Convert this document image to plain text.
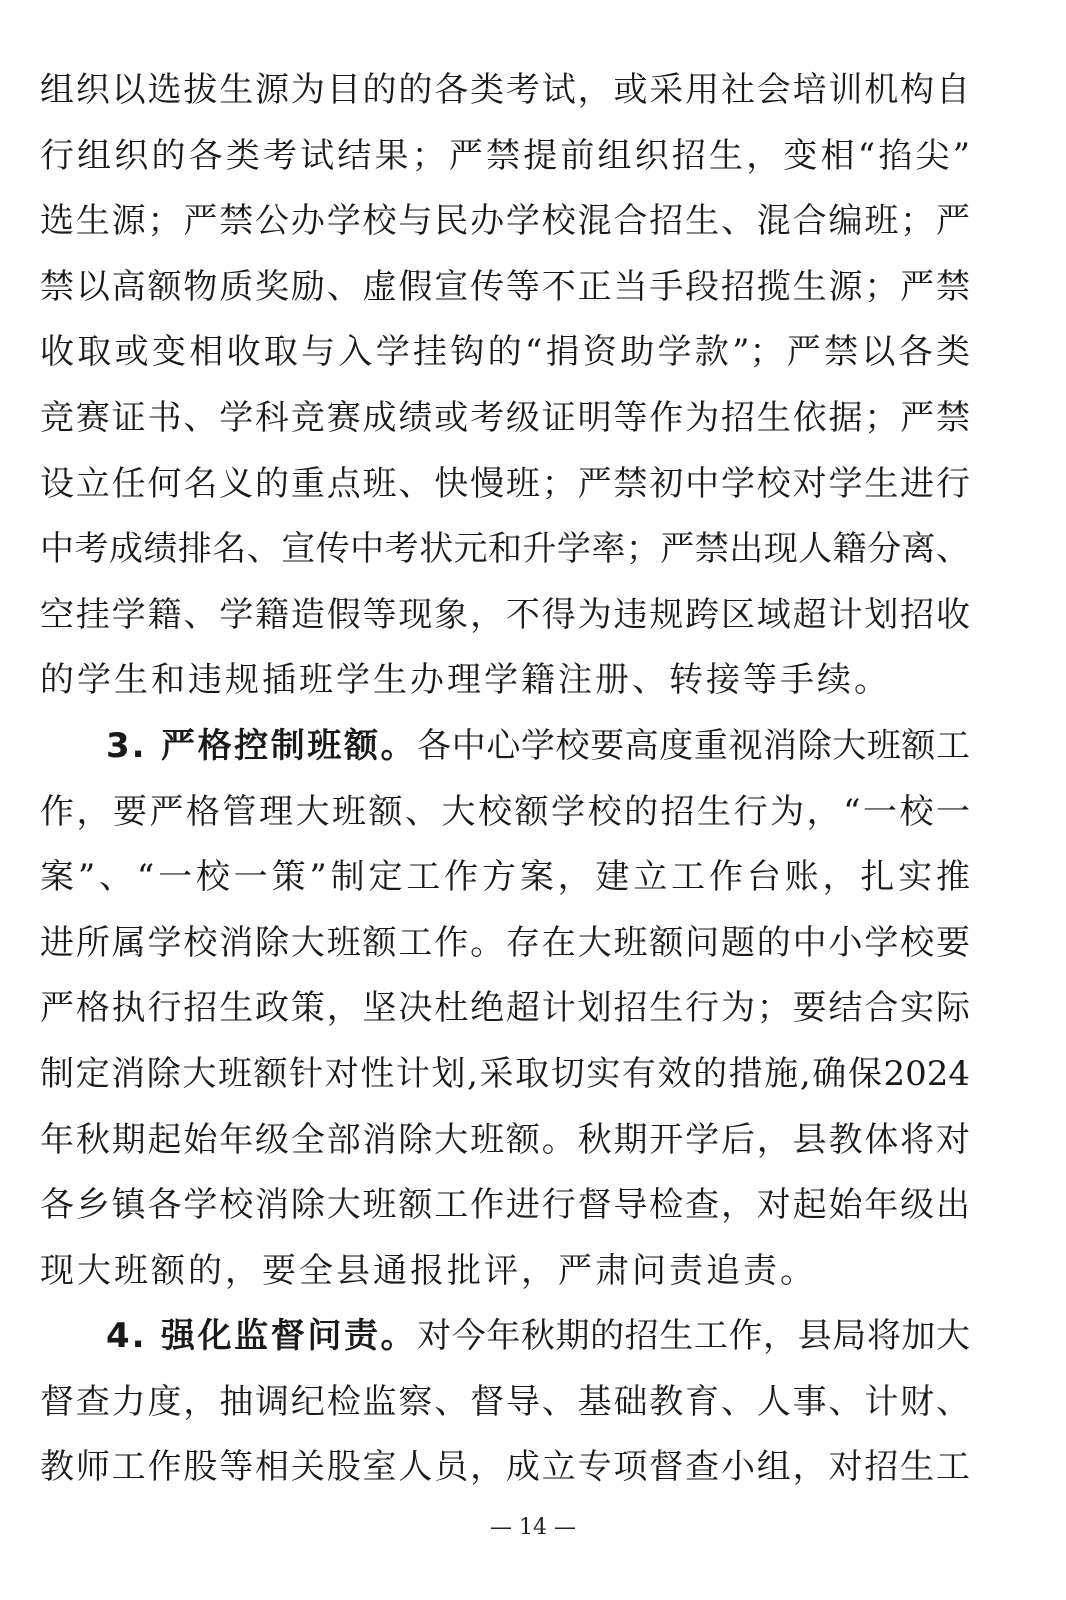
组织以选拔生源为目的的各类考试，或采用社会培训机构自
行组织的各类考试结果；严禁提前组织招生，变相“掐尖”
选生源；严禁公办学校与民办学校混合招生、混合编班；严
禁以高额物质奖励、虚假宣传等不正当手段招揽生源；严禁
收取或变相收取与入学挂钩的“捐资助学款”；严禁以各类
竞赛证书、学科竞赛成绩或考级证明等作为招生依据；严禁
设立任何名义的重点班、快慢班；严禁初中学校对学生进行
中考成绩排名、宣传中考状元和升学率；严禁出现人籍分离、
空挂学籍、学籍造假等现象，不得为违规跨区域超计划招收
的学生和违规插班学生办理学籍注册、转接等手续。
3. 严格控制班额。各中心学校要高度重视消除大班额工
作，要严格管理大班额、大校额学校的招生行为，“一校一
案”、“一校一策”制定工作方案，建立工作台账，扎实推
进所属学校消除大班额工作。存在大班额问题的中小学校要
严格执行招生政策，坚决杜绝超计划招生行为；要结合实际
制定消除大班额针对性计划,采取切实有效的措施,确保2024
年秋期起始年级全部消除大班额。秋期开学后，县教体将对
各乡镇各学校消除大班额工作进行督导检查，对起始年级出
现大班额的，要全县通报批评，严肃问责追责。
4. 强化监督问责。对今年秋期的招生工作，县局将加大
督查力度，抽调纪检监察、督导、基础教育、人事、计财、
教师工作股等相关股室人员，成立专项督查小组，对招生工
— 14 —
